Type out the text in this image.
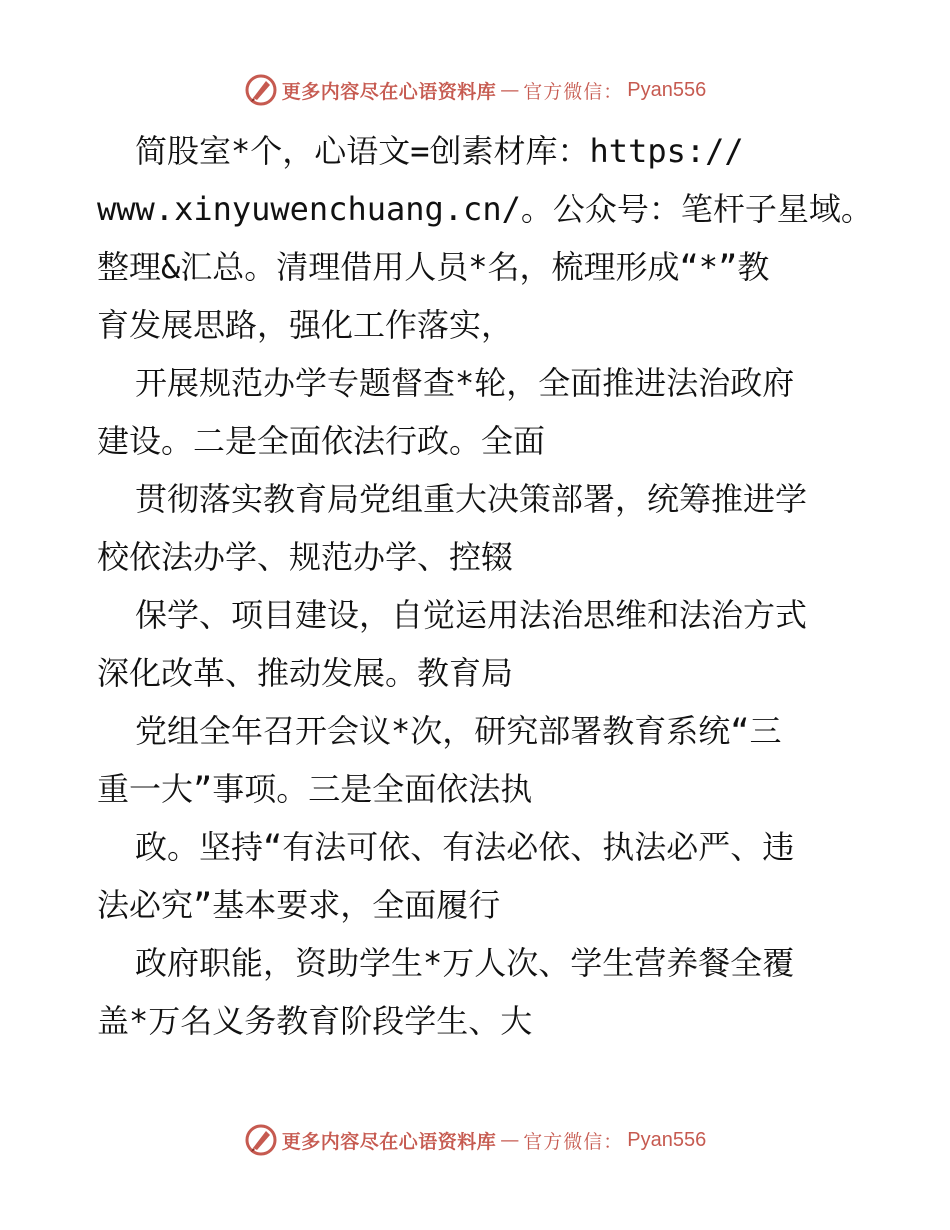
更多内容尽在心语资料库 — 官方微信： Pyan556
简股室*个，心语文=创素材库：https://
www.xinyuwenchuang.cn/。公众号：笔杆子星域。
整理&汇总。清理借用人员*名，梳理形成“*”教
育发展思路，强化工作落实，
开展规范办学专题督查*轮，全面推进法治政府
建设。二是全面依法行政。全面
贯彻落实教育局党组重大决策部署，统筹推进学
校依法办学、规范办学、控辍
保学、项目建设，自觉运用法治思维和法治方式
深化改革、推动发展。教育局
党组全年召开会议*次，研究部署教育系统“三
重一大”事项。三是全面依法执
政。坚持“有法可依、有法必依、执法必严、违
法必究”基本要求，全面履行
政府职能，资助学生*万人次、学生营养餐全覆
盖*万名义务教育阶段学生、大
更多内容尽在心语资料库 — 官方微信： Pyan556
